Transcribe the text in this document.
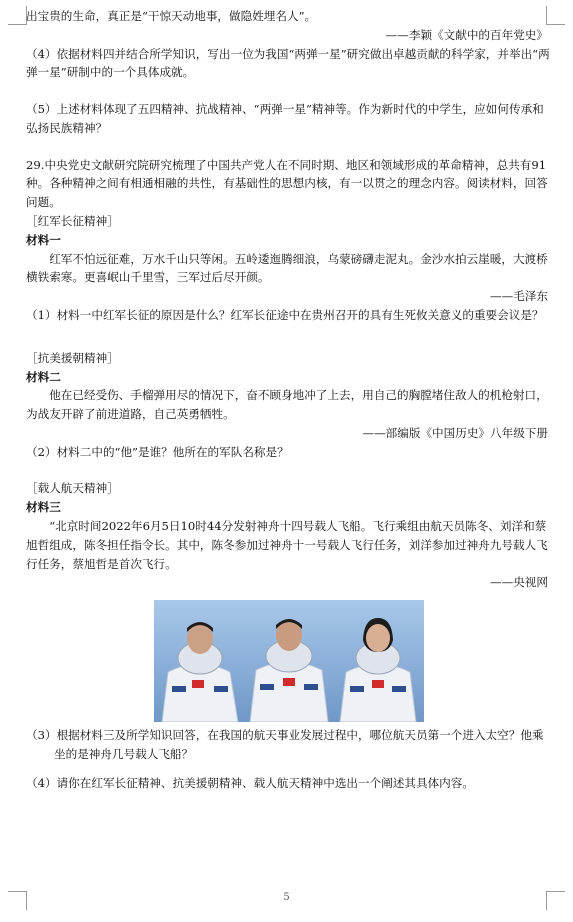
出宝贵的生命，真正是“干惊天动地事，做隐姓埋名人”。

——李颖《文献中的百年党史》

（4）依据材料四并结合所学知识，写出一位为我国“两弹一星”研究做出卓越贡献的科学家，并举出“两弹一星”研制中的一个具体成就。

（5）上述材料体现了五四精神、抗战精神、“两弹一星”精神等。作为新时代的中学生，应如何传承和弘扬民族精神？

29.中央党史文献研究院研究梳理了中国共产党人在不同时期、地区和领域形成的革命精神，总共有91种。各种精神之间有相通相融的共性，有基础性的思想内核，有一以贯之的理念内容。阅读材料，回答问题。

［红军长征精神］

材料一

红军不怕远征难，万水千山只等闲。五岭逶迤腾细浪，乌蒙磅礴走泥丸。金沙水拍云崖暖，大渡桥横铁索寒。更喜岷山千里雪，三军过后尽开颜。

——毛泽东

（1）材料一中红军长征的原因是什么？红军长征途中在贵州召开的具有生死攸关意义的重要会议是？

［抗美援朝精神］

材料二

他在已经受伤、手榴弹用尽的情况下，奋不顾身地冲了上去，用自己的胸膛堵住敌人的机枪射口，为战友开辟了前进道路，自己英勇牺牲。

——部编版《中国历史》八年级下册

（2）材料二中的“他”是谁？他所在的军队名称是？

［载人航天精神］

材料三

“北京时间2022年6月5日10时44分发射神舟十四号载人飞船。飞行乘组由航天员陈冬、刘洋和蔡旭哲组成，陈冬担任指令长。其中，陈冬参加过神舟十一号载人飞行任务，刘洋参加过神舟九号载人飞行任务，蔡旭哲是首次飞行。

——央视网

（3）根据材料三及所学知识回答，在我国的航天事业发展过程中，哪位航天员第一个进入太空？他乘坐的是神舟几号载人飞船？

（4）请你在红军长征精神、抗美援朝精神、载人航天精神中选出一个阐述其具体内容。

5
